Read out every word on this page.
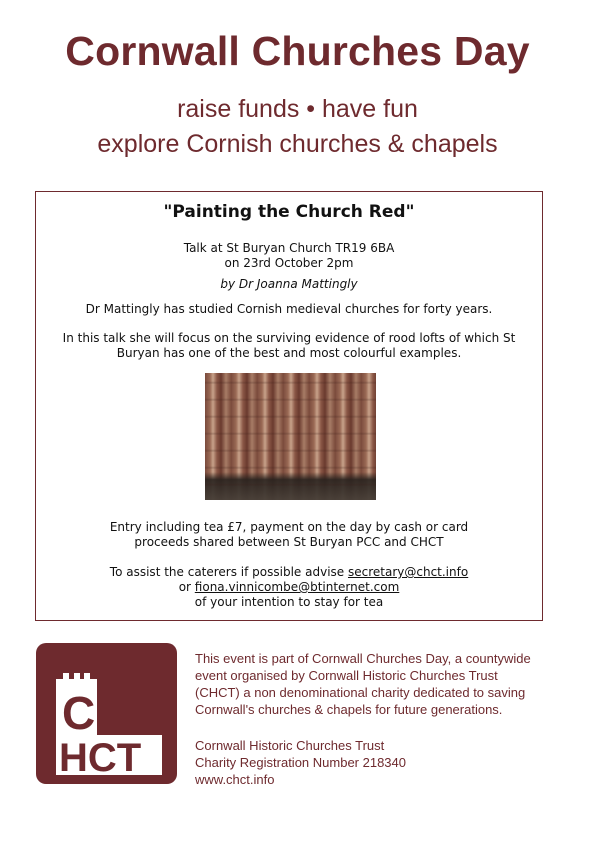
Cornwall Churches Day

raise funds • have fun

explore Cornish churches & chapels

"Painting the Church Red"
Talk at St Buryan Church TR19 6BA
on 23rd October 2pm
by Dr Joanna Mattingly
Dr Mattingly has studied Cornish medieval churches for forty years.
In this talk she will focus on the surviving evidence of rood lofts of which St Buryan has one of the best and most colourful examples.
Entry including tea £7, payment on the day by cash or card
proceeds shared between St Buryan PCC and CHCT
To assist the caterers if possible advise secretary@chct.info
or fiona.vinnicombe@btinternet.com
of your intention to stay for tea
C
HCT

This event is part of Cornwall Churches Day, a countywide

event organised by Cornwall Historic Churches Trust

(CHCT) a non denominational charity dedicated to saving

Cornwall's churches & chapels for future generations.

Cornwall Historic Churches Trust

Charity Registration Number 218340

www.chct.info
